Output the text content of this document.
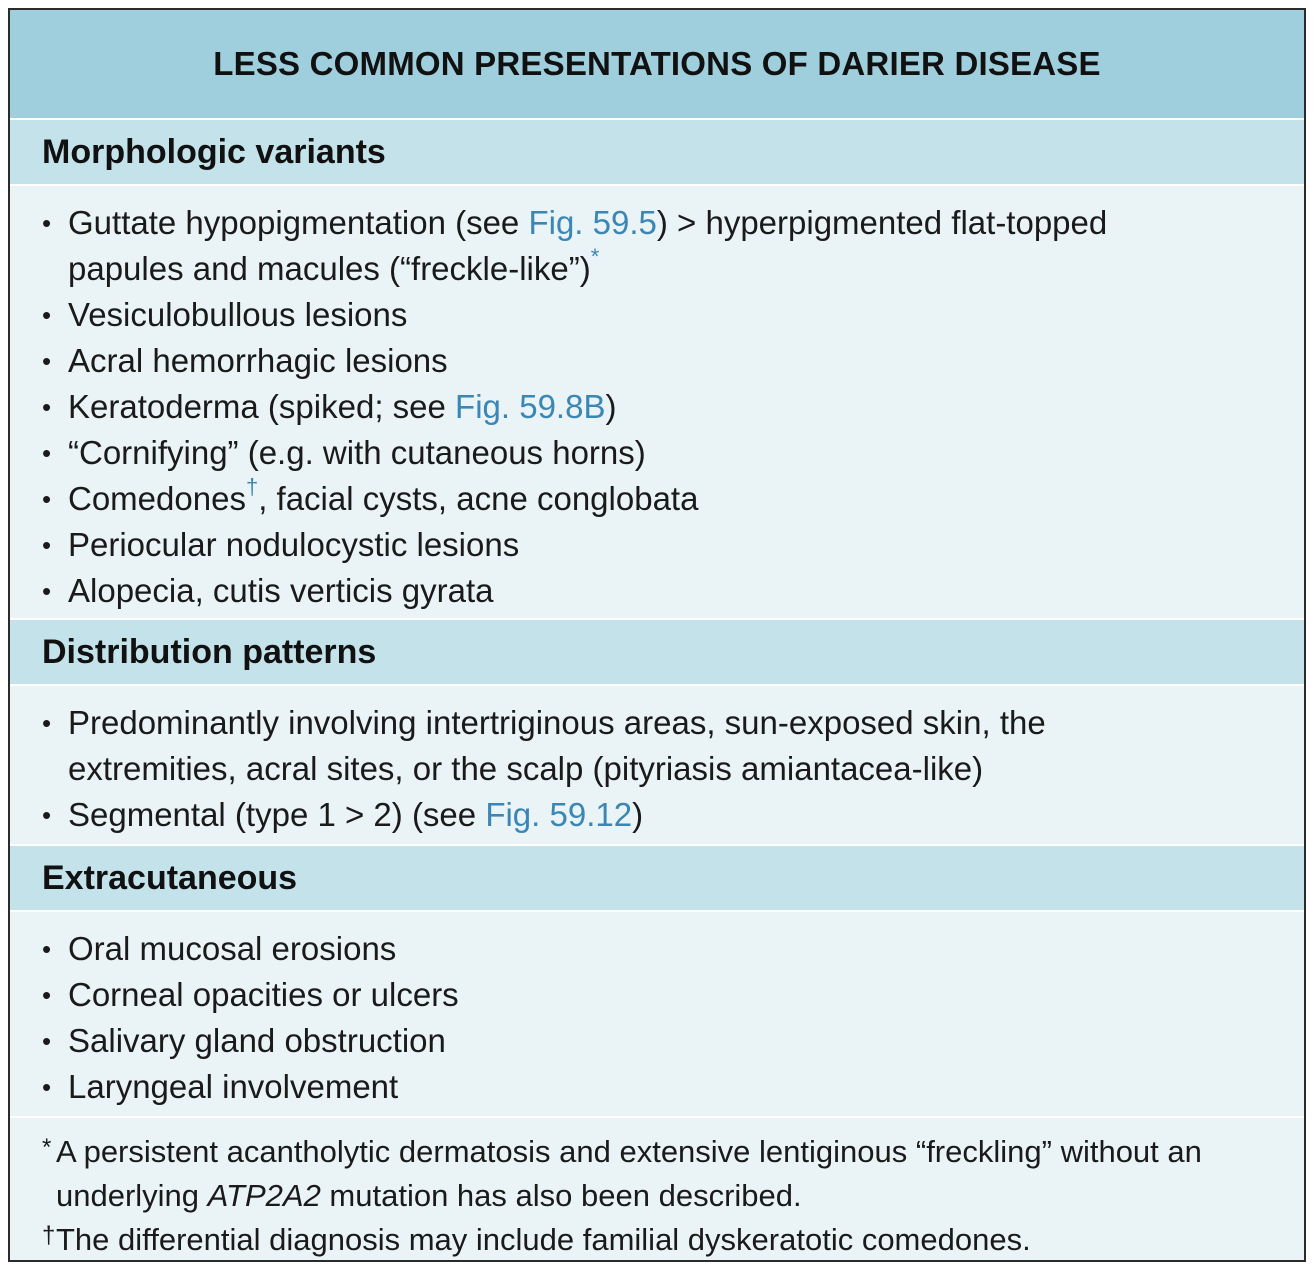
LESS COMMON PRESENTATIONS OF DARIER DISEASE
Morphologic variants
• Guttate hypopigmentation (see Fig. 59.5) > hyperpigmented flat-topped
papules and macules (“freckle-like”)*
• Vesiculobullous lesions
• Acral hemorrhagic lesions
• Keratoderma (spiked; see Fig. 59.8B)
• “Cornifying” (e.g. with cutaneous horns)
• Comedones†, facial cysts, acne conglobata
• Periocular nodulocystic lesions
• Alopecia, cutis verticis gyrata
Distribution patterns
• Predominantly involving intertriginous areas, sun-exposed skin, the
extremities, acral sites, or the scalp (pityriasis amiantacea-like)
• Segmental (type 1 > 2) (see Fig. 59.12)
Extracutaneous
• Oral mucosal erosions
• Corneal opacities or ulcers
• Salivary gland obstruction
• Laryngeal involvement
* A persistent acantholytic dermatosis and extensive lentiginous “freckling” without an
underlying ATP2A2 mutation has also been described.
† The differential diagnosis may include familial dyskeratotic comedones.
